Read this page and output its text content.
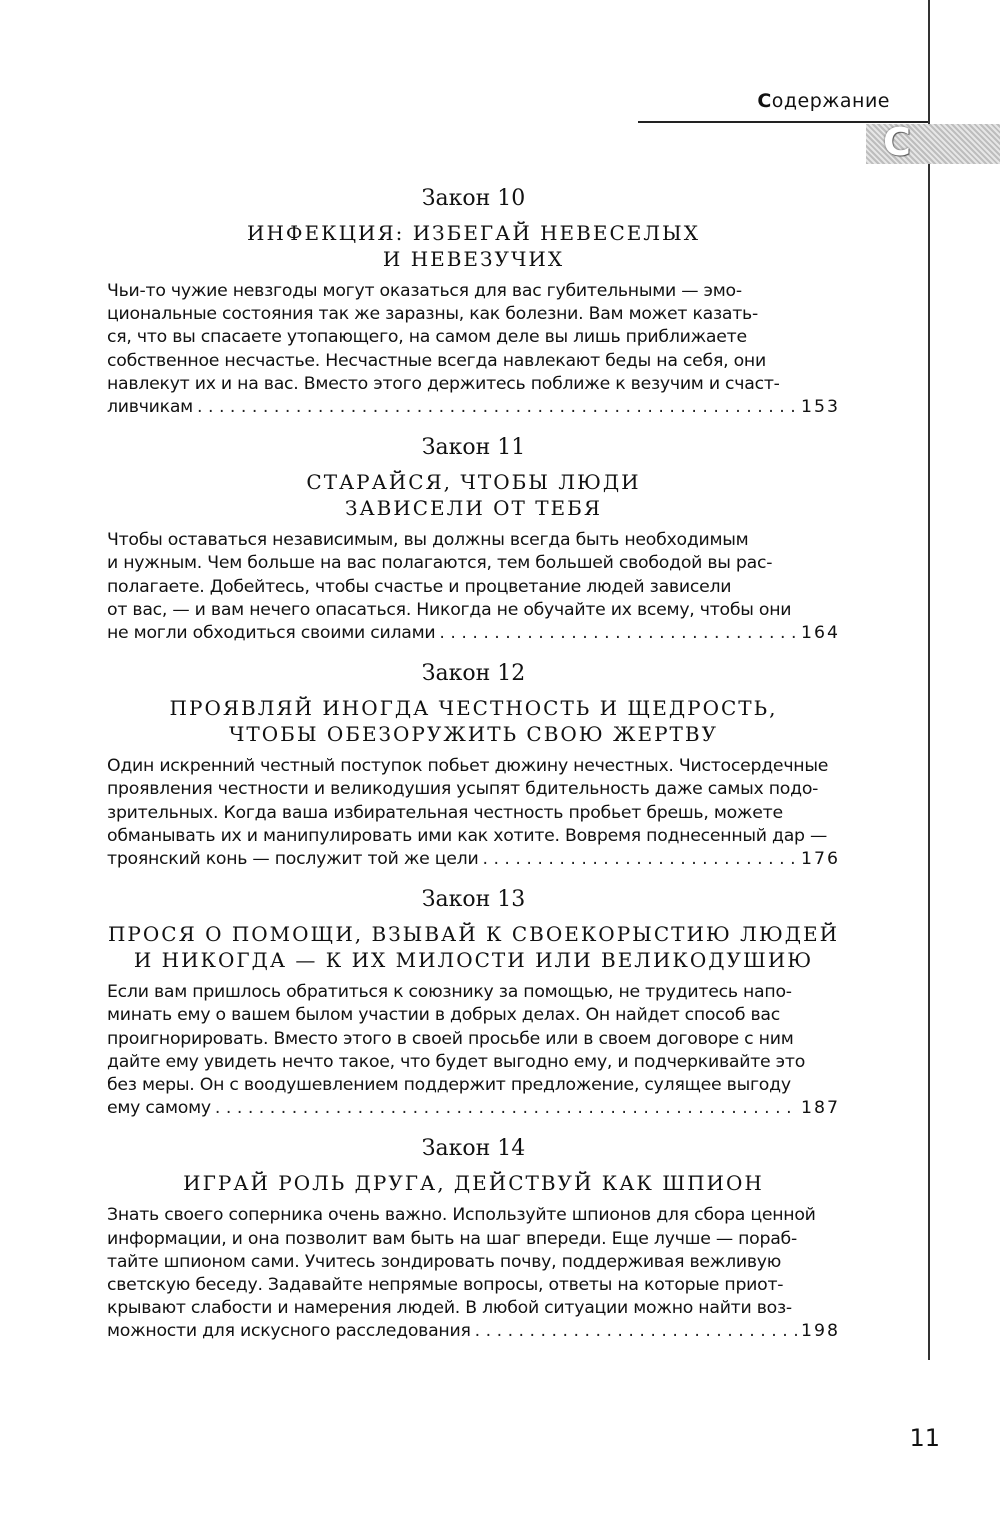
Содержание
C
Закон 10
ИНФЕКЦИЯ: ИЗБЕГАЙ НЕВЕСЕЛЫХ
И НЕВЕЗУЧИХ
Чьи-то чужие невзгоды могут оказаться для вас губительными — эмо-
циональные состояния так же заразны, как болезни. Вам может казать-
ся, что вы спасаете утопающего, на самом деле вы лишь приближаете
собственное несчастье. Несчастные всегда навлекают беды на себя, они
навлекут их и на вас. Вместо этого держитесь поближе к везучим и счаст-
ливчикам . . .	153
Закон 11
СТАРАЙСЯ, ЧТОБЫ ЛЮДИ
ЗАВИСЕЛИ ОТ ТЕБЯ
Чтобы оставаться независимым, вы должны всегда быть необходимым
и нужным. Чем больше на вас полагаются, тем большей свободой вы рас-
полагаете. Добейтесь, чтобы счастье и процветание людей зависели
от вас, — и вам нечего опасаться. Никогда не обучайте их всему, чтобы они
не могли обходиться своими силами . . .	164
Закон 12
ПРОЯВЛЯЙ ИНОГДА ЧЕСТНОСТЬ И ЩЕДРОСТЬ,
ЧТОБЫ ОБЕЗОРУЖИТЬ СВОЮ ЖЕРТВУ
Один искренний честный поступок побьет дюжину нечестных. Чистосердечные
проявления честности и великодушия усыпят бдительность даже самых подо-
зрительных. Когда ваша избирательная честность пробьет брешь, можете
обманывать их и манипулировать ими как хотите. Вовремя поднесенный дар —
троянский конь — послужит той же цели . . .	176
Закон 13
ПРОСЯ О ПОМОЩИ, ВЗЫВАЙ К СВОЕКОРЫСТИЮ ЛЮДЕЙ
И НИКОГДА — К ИХ МИЛОСТИ ИЛИ ВЕЛИКОДУШИЮ
Если вам пришлось обратиться к союзнику за помощью, не трудитесь напо-
минать ему о вашем былом участии в добрых делах. Он найдет способ вас
проигнорировать. Вместо этого в своей просьбе или в своем договоре с ним
дайте ему увидеть нечто такое, что будет выгодно ему, и подчеркивайте это
без меры. Он с воодушевлением поддержит предложение, сулящее выгоду
ему самому . . .	187
Закон 14
ИГРАЙ РОЛЬ ДРУГА, ДЕЙСТВУЙ КАК ШПИОН
Знать своего соперника очень важно. Используйте шпионов для сбора ценной
информации, и она позволит вам быть на шаг впереди. Еще лучше — пораб-
тайте шпионом сами. Учитесь зондировать почву, поддерживая вежливую
светскую беседу. Задавайте непрямые вопросы, ответы на которые приот-
крывают слабости и намерения людей. В любой ситуации можно найти воз-
можности для искусного расследования . . .	198
11
